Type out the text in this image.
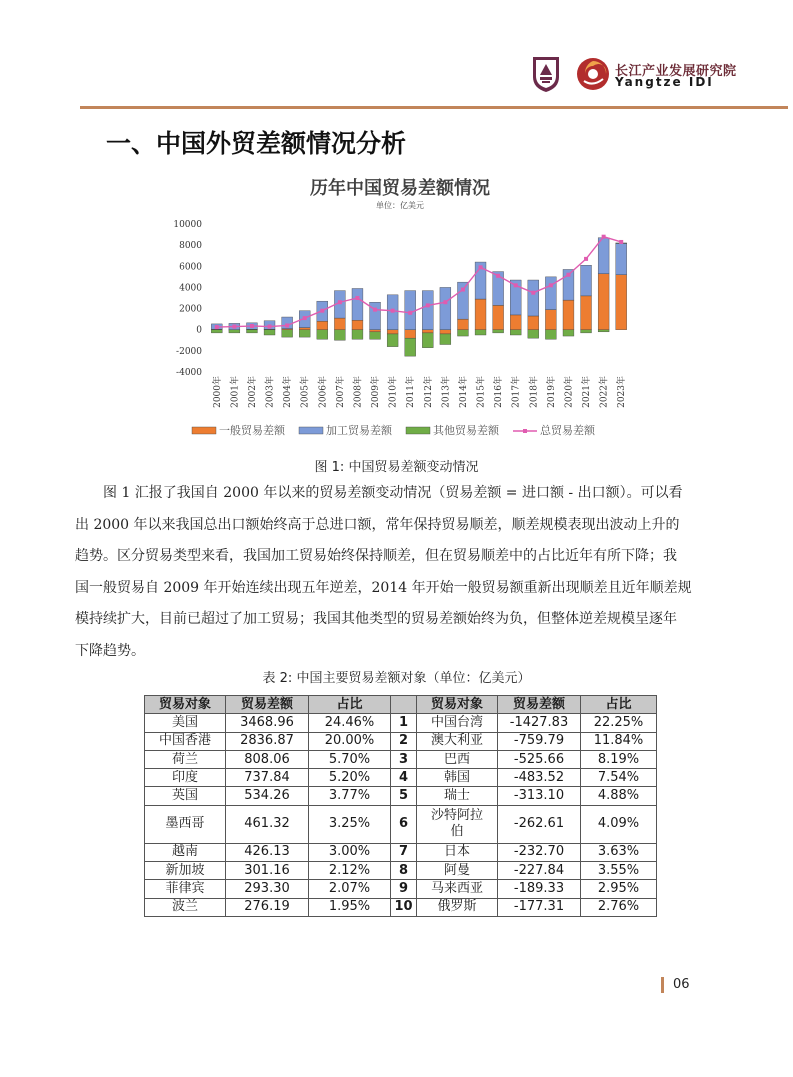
长江产业发展研究院
Yangtze IDI
一、中国外贸差额情况分析
10000
8000
6000
4000
2000
0
-2000
-4000
2000年 2001年 2002年 2003年 2004年 2005年 2006年 2007年 2008年 2009年 2010年 2011年 2012年 2013年 2014年 2015年 2016年 2017年 2018年 2019年 2020年 2021年 2022年 2023年
一般贸易差额	加工贸易差额	其他贸易差额	总贸易差额
历年中国贸易差额情况
单位：亿美元
图 1: 中国贸易差额变动情况
图 1 汇报了我国自 2000 年以来的贸易差额变动情况（贸易差额 = 进口额 - 出口额）。可以看
出 2000 年以来我国总出口额始终高于总进口额，常年保持贸易顺差，顺差规模表现出波动上升的
趋势。区分贸易类型来看，我国加工贸易始终保持顺差，但在贸易顺差中的占比近年有所下降；我
国一般贸易自 2009 年开始连续出现五年逆差，2014 年开始一般贸易额重新出现顺差且近年顺差规
模持续扩大，目前已超过了加工贸易；我国其他类型的贸易差额始终为负，但整体逆差规模呈逐年
下降趋势。
表 2: 中国主要贸易差额对象（单位：亿美元）
贸易对象	贸易差额	占比		贸易对象	贸易差额	占比
美国	3468.96	24.46%	1	中国台湾	-1427.83	22.25%
中国香港	2836.87	20.00%	2	澳大利亚	-759.79	11.84%
荷兰	808.06	5.70%	3	巴西	-525.66	8.19%
印度	737.84	5.20%	4	韩国	-483.52	7.54%
英国	534.26	3.77%	5	瑞士	-313.10	4.88%
墨西哥	461.32	3.25%	6	沙特阿拉伯	-262.61	4.09%
越南	426.13	3.00%	7	日本	-232.70	3.63%
新加坡	301.16	2.12%	8	阿曼	-227.84	3.55%
菲律宾	293.30	2.07%	9	马来西亚	-189.33	2.95%
波兰	276.19	1.95%	10	俄罗斯	-177.31	2.76%
06
